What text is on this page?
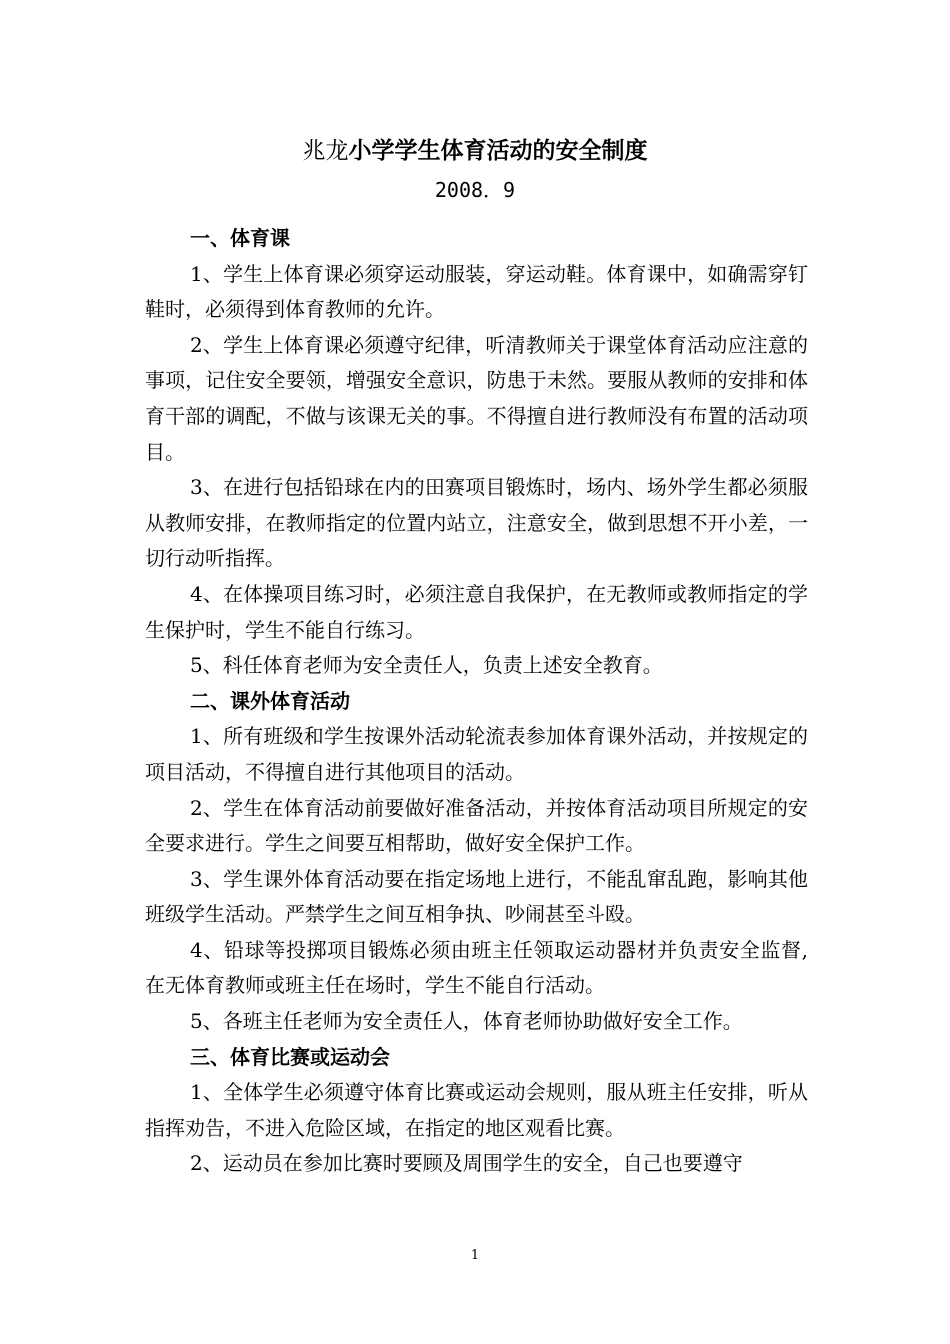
兆龙小学学生体育活动的安全制度
2008．9

一、体育课

1、学生上体育课必须穿运动服装，穿运动鞋。体育课中，如确需穿钉鞋时，必须得到体育教师的允许。

2、学生上体育课必须遵守纪律，听清教师关于课堂体育活动应注意的事项，记住安全要领，增强安全意识，防患于未然。要服从教师的安排和体育干部的调配，不做与该课无关的事。不得擅自进行教师没有布置的活动项目。

3、在进行包括铅球在内的田赛项目锻炼时，场内、场外学生都必须服从教师安排，在教师指定的位置内站立，注意安全，做到思想不开小差，一切行动听指挥。

4、在体操项目练习时，必须注意自我保护，在无教师或教师指定的学生保护时，学生不能自行练习。

5、科任体育老师为安全责任人，负责上述安全教育。

二、课外体育活动

1、所有班级和学生按课外活动轮流表参加体育课外活动，并按规定的项目活动，不得擅自进行其他项目的活动。

2、学生在体育活动前要做好准备活动，并按体育活动项目所规定的安全要求进行。学生之间要互相帮助，做好安全保护工作。

3、学生课外体育活动要在指定场地上进行，不能乱窜乱跑，影响其他班级学生活动。严禁学生之间互相争执、吵闹甚至斗殴。

4、铅球等投掷项目锻炼必须由班主任领取运动器材并负责安全监督,在无体育教师或班主任在场时，学生不能自行活动。

5、各班主任老师为安全责任人，体育老师协助做好安全工作。

三、体育比赛或运动会

1、全体学生必须遵守体育比赛或运动会规则，服从班主任安排，听从指挥劝告，不进入危险区域，在指定的地区观看比赛。

2、运动员在参加比赛时要顾及周围学生的安全，自己也要遵守

1
